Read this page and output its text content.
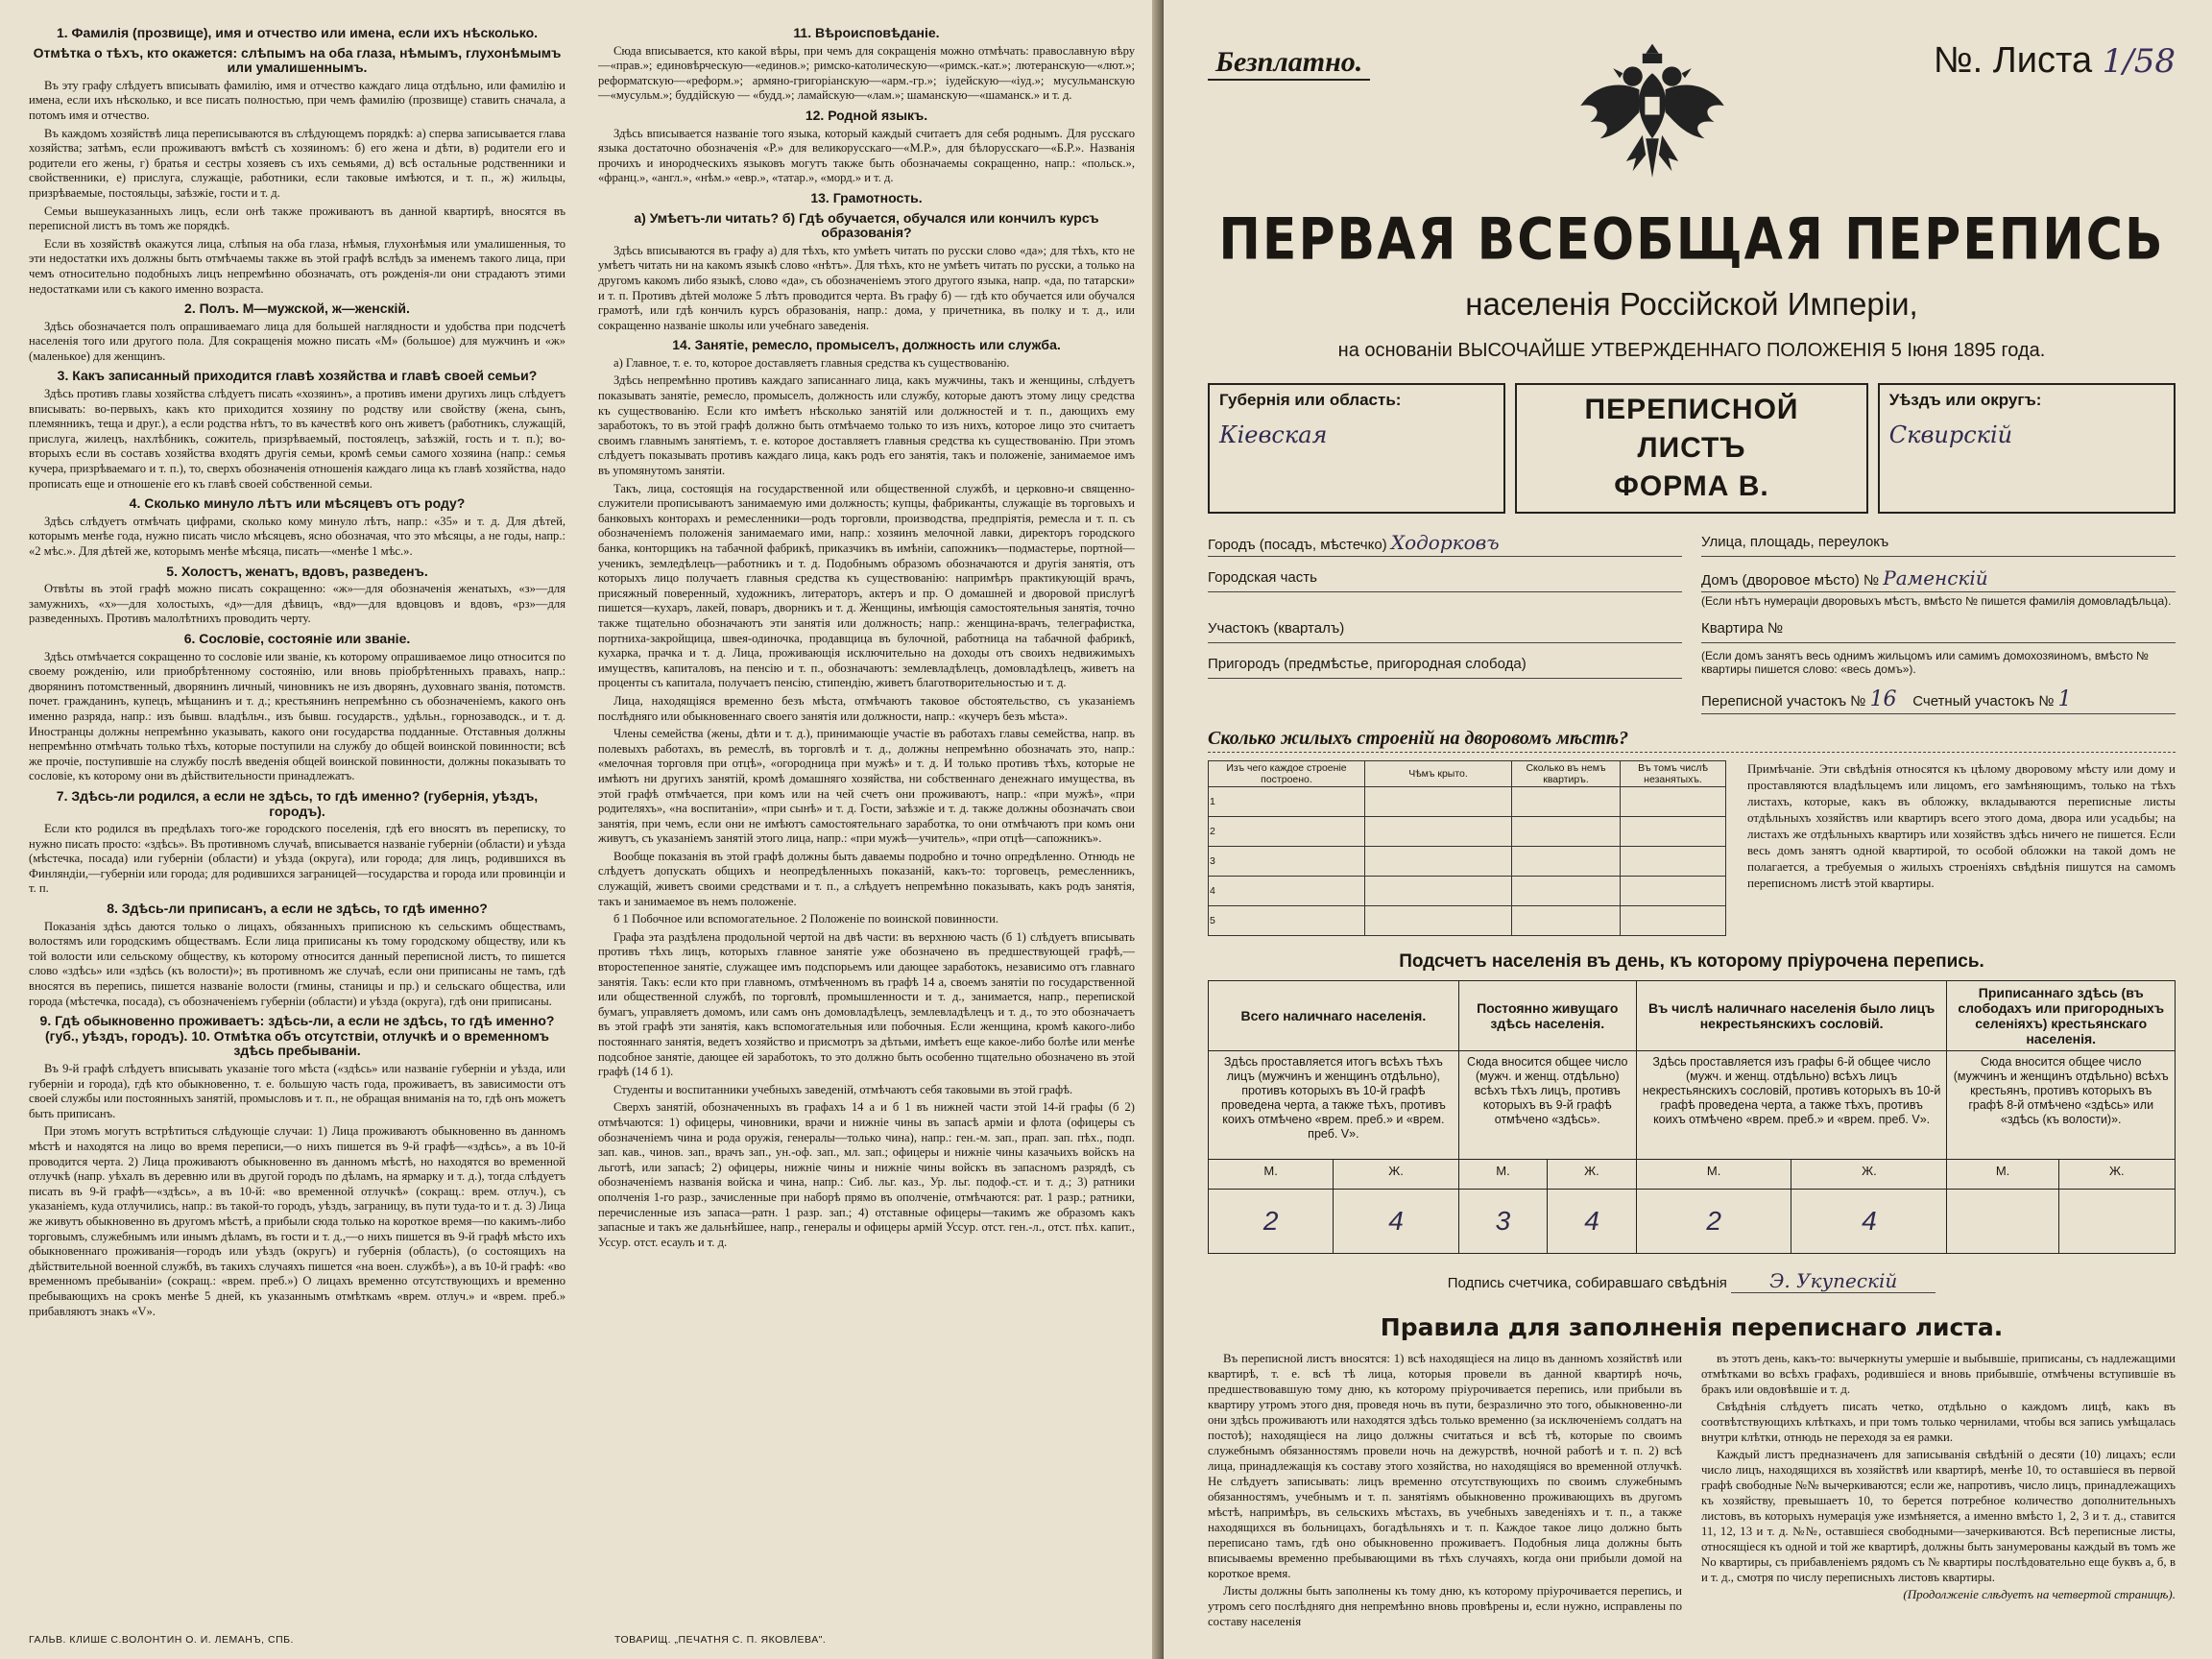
1. Фамилія (прозвище), имя и отчество или имена, если ихъ нѣсколько.
Отмѣтка о тѣхъ, кто окажется: слѣпымъ на оба глаза, нѣмымъ, глухонѣмымъ или умалишеннымъ.

Въ эту графу слѣдуетъ вписывать фамилію, имя и отчество каждаго лица отдѣльно, или фамилію и имена, если ихъ нѣсколько, и все писать полностью, при чемъ фамилію (прозвище) ставить сначала, а потомъ имя и отчество.

Въ каждомъ хозяйствѣ лица переписываются въ слѣдующемъ порядкѣ: а) сперва записывается глава хозяйства; затѣмъ, если проживаютъ вмѣстѣ съ хозяиномъ: б) его жена и дѣти, в) родители его и родители его жены, г) братья и сестры хозяевъ съ ихъ семьями, д) всѣ остальные родственники и свойственники, е) прислуга, служащіе, работники, если таковые имѣются, и т. п., ж) жильцы, призрѣваемые, постояльцы, заѣзжіе, гости и т. д.

Семьи вышеуказанныхъ лицъ, если онѣ также проживаютъ въ данной квартирѣ, вносятся въ переписной листъ въ томъ же порядкѣ.

Если въ хозяйствѣ окажутся лица, слѣпыя на оба глаза, нѣмыя, глухонѣмыя или умалишенныя, то эти недостатки ихъ должны быть отмѣчаемы также въ этой графѣ вслѣдъ за именемъ такого лица, при чемъ относительно подобныхъ лицъ непремѣнно обозначать, отъ рожденія-ли они страдаютъ этими недостатками или съ какого именно возраста.

2. Полъ. М—мужской, ж—женскій.

Здѣсь обозначается полъ опрашиваемаго лица для большей наглядности и удобства при подсчетѣ населенія того или другого пола. Для сокращенія можно писать «М» (большое) для мужчинъ и «ж» (маленькое) для женщинъ.

3. Какъ записанный приходится главѣ хозяйства и главѣ своей семьи?

Здѣсь противъ главы хозяйства слѣдуетъ писать «хозяинъ», а противъ имени другихъ лицъ слѣдуетъ вписывать: во-первыхъ, какъ кто приходится хозяину по родству или свойству (жена, сынъ, племянникъ, теща и друг.), а если родства нѣтъ, то въ качествѣ кого онъ живетъ (работникъ, служащій, прислуга, жилецъ, нахлѣбникъ, сожитель, призрѣваемый, постоялецъ, заѣзжій, гость и т. п.); во-вторыхъ если въ составъ хозяйства входятъ другія семьи, кромѣ семьи самого хозяина (напр.: семья кучера, призрѣваемаго и т. п.), то, сверхъ обозначенія отношенія каждаго лица къ главѣ хозяйства, надо прописать еще и отношеніе его къ главѣ своей собственной семьи.

4. Сколько минуло лѣтъ или мѣсяцевъ отъ роду?

Здѣсь слѣдуетъ отмѣчать цифрами, сколько кому минуло лѣтъ, напр.: «35» и т. д. Для дѣтей, которымъ менѣе года, нужно писать число мѣсяцевъ, ясно обозначая, что это мѣсяцы, а не годы, напр.: «2 мѣс.». Для дѣтей же, которымъ менѣе мѣсяца, писать—«менѣе 1 мѣс.».

5. Холостъ, женатъ, вдовъ, разведенъ.

Отвѣты въ этой графѣ можно писать сокращенно: «ж»—для обозначенія женатыхъ, «з»—для замужнихъ, «х»—для холостыхъ, «д»—для дѣвицъ, «вд»—для вдовцовъ и вдовъ, «рз»—для разведенныхъ. Противъ малолѣтнихъ проводить черту.

6. Сословіе, состояніе или званіе.

Здѣсь отмѣчается сокращенно то сословіе или званіе, къ которому опрашиваемое лицо относится по своему рожденію, или приобрѣтенному состоянію, или вновь пріобрѣтенныхъ правахъ, напр.: дворянинъ потомственный, дворянинъ личный, чиновникъ не изъ дворянъ, духовнаго званія, потомств. почет. гражданинъ, купецъ, мѣщанинъ и т. д.; крестьянинъ непремѣнно съ обозначеніемъ, какого онъ именно разряда, напр.: изъ бывш. владѣльч., изъ бывш. государств., удѣльн., горнозаводск., и т. д. Иностранцы должны непремѣнно указывать, какого они государства подданные. Отставныя должны непремѣнно отмѣчать только тѣхъ, которые поступили на службу до общей воинской повинности; всѣ же прочіе, поступившіе на службу послѣ введенія общей воинской повинности, должны показывать то сословіе, къ которому они въ дѣйствительности принадлежатъ.

7. Здѣсь-ли родился, а если не здѣсь, то гдѣ именно? (губернія, уѣздъ, городъ).

Если кто родился въ предѣлахъ того-же городского поселенія, гдѣ его вносятъ въ переписку, то нужно писать просто: «здѣсь». Въ противномъ случаѣ, вписывается названіе губерніи (области) и уѣзда (мѣстечка, посада) или губерніи (области) и уѣзда (округа), или города; для лицъ, родившихся въ Финляндіи,—губерніи или города; для родившихся заграницей—государства и города или провинціи и т. п.

8. Здѣсь-ли приписанъ, а если не здѣсь, то гдѣ именно?

Показанія здѣсь даются только о лицахъ, обязанныхъ приписною къ сельскимъ обществамъ, волостямъ или городскимъ обществамъ. Если лица приписаны къ тому городскому обществу, или къ той волости или сельскому обществу, къ которому относится данный переписной листъ, то пишется слово «здѣсь» или «здѣсь (къ волости)»; въ противномъ же случаѣ, если они приписаны не тамъ, гдѣ вносятся въ перепись, пишется названіе волости (гмины, станицы и пр.) и сельскаго общества, или города (мѣстечка, посада), съ обозначеніемъ губерніи (области) и уѣзда (округа), гдѣ они приписаны.

9. Гдѣ обыкновенно проживаетъ: здѣсь-ли, а если не здѣсь, то гдѣ именно? (губ., уѣздъ, городъ). 10. Отмѣтка объ отсутствіи, отлучкѣ и о временномъ здѣсь пребываніи.

Въ 9-й графѣ слѣдуетъ вписывать указаніе того мѣста («здѣсь» или названіе губерніи и уѣзда, или губерніи и города), гдѣ кто обыкновенно, т. е. большую часть года, проживаетъ, въ зависимости отъ своей службы или постоянныхъ занятій, промысловъ и т. п., не обращая вниманія на то, гдѣ онъ можетъ быть приписанъ.

При этомъ могутъ встрѣтиться слѣдующіе случаи: 1) Лица проживаютъ обыкновенно въ данномъ мѣстѣ и находятся на лицо во время переписи,—о нихъ пишется въ 9-й графѣ—«здѣсь», а въ 10-й проводится черта. 2) Лица проживаютъ обыкновенно въ данномъ мѣстѣ, но находятся во временной отлучкѣ (напр. уѣхалъ въ деревню или въ другой городъ по дѣламъ, на ярмарку и т. д.), тогда слѣдуетъ писать въ 9-й графѣ—«здѣсь», а въ 10-й: «во временной отлучкѣ» (сокращ.: врем. отлуч.), съ указаніемъ, куда отлучились, напр.: въ такой-то городъ, уѣздъ, заграницу, въ пути туда-то и т. д. 3) Лица же живутъ обыкновенно въ другомъ мѣстѣ, а прибыли сюда только на короткое время—по какимъ-либо торговымъ, служебнымъ или инымъ дѣламъ, въ гости и т. д.,—о нихъ пишется въ 9-й графѣ мѣсто ихъ обыкновеннаго проживанія—городъ или уѣздъ (округъ) и губернія (область), (о состоящихъ на дѣйствительной военной службѣ, въ такихъ случаяхъ пишется «на воен. службѣ»), а въ 10-й графѣ: «во временномъ пребываніи» (сокращ.: «врем. преб.») О лицахъ временно отсутствующихъ и временно пребывающихъ на срокъ менѣе 5 дней, къ указаннымъ отмѣткамъ «врем. отлуч.» и «врем. преб.» прибавляютъ знакъ «V».

11. Вѣроисповѣданіе.

Сюда вписывается, кто какой вѣры, при чемъ для сокращенія можно отмѣчать: православную вѣру—«прав.»; единовѣрческую—«единов.»; римско-католическую—«римск.-кат.»; лютеранскую—«лют.»; реформатскую—«реформ.»; армяно-григоріанскую—«арм.-гр.»; іудейскую—«іуд.»; мусульманскую—«мусульм.»; буддійскую — «будд.»; ламайскую—«лам.»; шаманскую—«шаманск.» и т. д.

12. Родной языкъ.

Здѣсь вписывается названіе того языка, который каждый считаетъ для себя роднымъ. Для русскаго языка достаточно обозначенія «Р.» для великорусскаго—«М.Р.», для бѣлорусскаго—«Б.Р.». Названія прочихъ и инородческихъ языковъ могутъ также быть обозначаемы сокращенно, напр.: «польск.», «франц.», «англ.», «нѣм.» «евр.», «татар.», «морд.» и т. д.

13. Грамотность.
а) Умѣетъ-ли читать? б) Гдѣ обучается, обучался или кончилъ курсъ образованія?

Здѣсь вписываются въ графу а) для тѣхъ, кто умѣетъ читать по русски слово «да»; для тѣхъ, кто не умѣетъ читать ни на какомъ языкѣ слово «нѣтъ». Для тѣхъ, кто не умѣетъ читать по русски, а только на другомъ какомъ либо языкѣ, слово «да», съ обозначеніемъ этого другого языка, напр. «да, по татарски» и т. п. Противъ дѣтей моложе 5 лѣтъ проводится черта. Въ графу б) — гдѣ кто обучается или обучался грамотѣ, или гдѣ кончилъ курсъ образованія, напр.: дома, у причетника, въ полку и т. д., или сокращенно названіе школы или учебнаго заведенія.

14. Занятіе, ремесло, промыселъ, должность или служба.

а) Главное, т. е. то, которое доставляетъ главныя средства къ существованію.

Здѣсь непремѣнно противъ каждаго записаннаго лица, какъ мужчины, такъ и женщины, слѣдуетъ показывать занятіе, ремесло, промыселъ, должность или службу, которые даютъ этому лицу средства къ существованію. Если кто имѣетъ нѣсколько занятій или должностей и т. п., дающихъ ему заработокъ, то въ этой графѣ должно быть отмѣчаемо только то изъ нихъ, которое лицо это считаетъ своимъ главнымъ занятіемъ, т. е. которое доставляетъ главныя средства къ существованію. При этомъ слѣдуетъ показывать противъ каждаго лица, какъ родъ его занятія, такъ и положеніе, занимаемое имъ въ упомянутомъ занятіи.

Такъ, лица, состоящія на государственной или общественной службѣ, и церковно-и священно-служители прописываютъ занимаемую ими должность; купцы, фабриканты, служащіе въ торговыхъ и банковыхъ конторахъ и ремесленники—родъ торговли, производства, предпріятія, ремесла и т. п. съ обозначеніемъ положенія занимаемаго ими, напр.: хозяинъ мелочной лавки, директоръ городского банка, конторщикъ на табачной фабрикѣ, приказчикъ въ имѣніи, сапожникъ—подмастерье, портной—ученикъ, земледѣлецъ—работникъ и т. д. Подобнымъ образомъ обозначаются и другія занятія, отъ которыхъ лицо получаетъ главныя средства къ существованію: напримѣръ практикующій врачъ, присяжный поверенный, художникъ, литераторъ, актеръ и пр. О домашней и дворовой прислугѣ пишется—кухаръ, лакей, поваръ, дворникъ и т. д. Женщины, имѣющія самостоятельныя занятія, точно также тщательно обозначаютъ эти занятія или должность; напр.: женщина-врачъ, телеграфистка, портниха-закройщица, швея-одиночка, продавщица въ булочной, работница на табачной фабрикѣ, кухарка, прачка и т. д. Лица, проживающія исключительно на доходы отъ своихъ недвижимыхъ имуществъ, капиталовъ, на пенсію и т. п., обозначаютъ: землевладѣлецъ, домовладѣлецъ, живетъ на проценты съ капитала, получаетъ пенсію, стипендію, живетъ благотворительностью и т. д.

Лица, находящіяся временно безъ мѣста, отмѣчаютъ таковое обстоятельство, съ указаніемъ послѣдняго или обыкновеннаго своего занятія или должности, напр.: «кучеръ безъ мѣста».

Члены семейства (жены, дѣти и т. д.), принимающіе участіе въ работахъ главы семейства, напр. въ полевыхъ работахъ, въ ремеслѣ, въ торговлѣ и т. д., должны непремѣнно обозначать это, напр.: «мелочная торговля при отцѣ», «огородница при мужѣ» и т. д. И только противъ тѣхъ, которые не имѣютъ ни другихъ занятій, кромѣ домашняго хозяйства, ни собственнаго денежнаго имущества, въ этой графѣ отмѣчается, при комъ или на чей счетъ они проживаютъ, напр.: «при мужѣ», «при родителяхъ», «на воспитаніи», «при сынѣ» и т. д. Гости, заѣзжіе и т. д. также должны обозначать свои занятія, при чемъ, если они не имѣютъ самостоятельнаго заработка, то они отмѣчаютъ при комъ они живутъ, съ указаніемъ занятій этого лица, напр.: «при мужѣ—учитель», «при отцѣ—сапожникъ».

Вообще показанія въ этой графѣ должны быть даваемы подробно и точно опредѣленно. Отнюдь не слѣдуетъ допускать общихъ и неопредѣленныхъ показаній, какъ-то: торговецъ, ремесленникъ, служащій, живетъ своими средствами и т. п., а слѣдуетъ непремѣнно показывать, какъ родъ занятія, такъ и занимаемое въ немъ положеніе.

б 1 Побочное или вспомогательное. 2 Положеніе по воинской повинности.

Графа эта раздѣлена продольной чертой на двѣ части: въ верхнюю часть (б 1) слѣдуетъ вписывать противъ тѣхъ лицъ, которыхъ главное занятіе уже обозначено въ предшествующей графѣ,—второстепенное занятіе, служащее имъ подспорьемъ или дающее заработокъ, независимо отъ главнаго занятія. Такъ: если кто при главномъ, отмѣченномъ въ графѣ 14 а, своемъ занятіи по государственной или общественной службѣ, по торговлѣ, промышленности и т. д., занимается, напр., перепиской бумагъ, управляетъ домомъ, или самъ онъ домовладѣлецъ, землевладѣлецъ и т. д., то это обозначаетъ въ этой графѣ эти занятія, какъ вспомогательныя или побочныя. Если женщина, кромѣ какого-либо постояннаго занятія, ведетъ хозяйство и присмотръ за дѣтьми, имѣетъ еще какое-либо болѣе или менѣе подсобное занятіе, дающее ей заработокъ, то это должно быть особенно тщательно обозначено въ этой графѣ (14 б 1).

Студенты и воспитанники учебныхъ заведеній, отмѣчаютъ себя таковыми въ этой графѣ.

Сверхъ занятій, обозначенныхъ въ графахъ 14 а и б 1 въ нижней части этой 14-й графы (б 2) отмѣчаются: 1) офицеры, чиновники, врачи и нижніе чины въ запасѣ арміи и флота (офицеры съ обозначеніемъ чина и рода оружія, генералы—только чина), напр.: ген.-м. зап., прап. зап. пѣх., подп. зап. кав., чинов. зап., врачъ зап., ун.-оф. зап., мл. зап.; офицеры и нижніе чины казачьихъ войскъ на льготѣ, или запасѣ; 2) офицеры, нижніе чины и нижніе чины войскъ въ запасномъ разрядѣ, съ обозначеніемъ названія войска и чина, напр.: Сиб. льг. каз., Ур. льг. подоф.-ст. и т. д.; 3) ратники ополченія 1-го разр., зачисленные при наборѣ прямо въ ополченіе, отмѣчаются: рат. 1 разр.; ратники, перечисленные изъ запаса—ратн. 1 разр. зап.; 4) отставные офицеры—такимъ же образомъ какъ запасные и такъ же дальнѣйшее, напр., генералы и офицеры армій Уссур. отст. ген.-л., отст. пѣх. капит., Уссур. отст. есаулъ и т. д.

ГАЛЬВ. КЛИШЕ С.ВОЛОНТИН О. И. ЛЕМАНЪ, СПБ.	ТОВАРИЩ. „ПЕЧАТНЯ С. П. ЯКОВЛЕВА".
Безплатно.	№. Листа 1/58
ПЕРВАЯ ВСЕОБЩАЯ ПЕРЕПИСЬ
населенія Россійской Имперіи,
на основаніи ВЫСОЧАЙШЕ УТВЕРЖДЕННАГО ПОЛОЖЕНІЯ 5 Іюня 1895 года.
Губернія или область:
Кіевская
ПЕРЕПИСНОЙ ЛИСТЪ
ФОРМА В.
Уѣздъ или округъ:
Сквирскій
Городъ (посадъ, мѣстечко) Ходорковъ	Улица, площадь, переулокъ
Городская часть	Домъ (дворовое мѣсто) № Раменскій
(Если нѣтъ нумераціи дворовыхъ мѣстъ, вмѣсто № пишется фамилія домовладѣльца).
Участокъ (кварталъ)	Квартира №
Пригородъ (предмѣстье, пригородная слобода)	(Если домъ занятъ весь однимъ жильцомъ или самимъ домохозяиномъ, вмѣсто № квартиры пишется слово: «весь домъ»).
Переписной участокъ № 16 Счетный участокъ № 1
Сколько жилыхъ строеній на дворовомъ мѣстѣ?
Изъ чего каждое строеніе построено.	Чѣмъ крыто.	Сколько въ немъ квартиръ.	Въ томъ числѣ незанятыхъ.
1			
2			
3			
4			
5			
Примѣчаніе. Эти свѣдѣнія относятся къ цѣлому дворовому мѣсту или дому и проставляются владѣльцемъ или лицомъ, его замѣняющимъ, только на тѣхъ листахъ, которые, какъ въ обложку, вкладываются переписные листы отдѣльныхъ хозяйствъ или квартиръ всего этого дома, двора или усадьбы; на листахъ же отдѣльныхъ квартиръ или хозяйствъ здѣсь ничего не пишется. Если весь домъ занятъ одной квартирой, то особой обложки на такой домъ не полагается, а требуемыя о жилыхъ строеніяхъ свѣдѣнія пишутся на самомъ переписномъ листѣ этой квартиры.
Подсчетъ населенія въ день, къ которому пріурочена перепись.
Всего наличнаго населенія.		Постоянно живущаго здѣсь населенія.		Въ числѣ наличнаго населенія было лицъ некрестьянскихъ сословій.		Приписаннаго здѣсь (въ слободахъ или пригородныхъ селеніяхъ) крестьянскаго населенія.	
Здѣсь проставляется итогъ всѣхъ тѣхъ лицъ (мужчинъ и женщинъ отдѣльно), противъ которыхъ въ 10-й графѣ проведена черта, а также тѣхъ, противъ коихъ отмѣчено «врем. преб.» и «врем. преб. V».		Сюда вносится общее число (мужч. и женщ. отдѣльно) всѣхъ тѣхъ лицъ, противъ которыхъ въ 9-й графѣ отмѣчено «здѣсь».		Здѣсь проставляется изъ графы 6-й общее число (мужч. и женщ. отдѣльно) всѣхъ лицъ некрестьянскихъ сословій, противъ которыхъ въ 10-й графѣ проведена черта, а также тѣхъ, противъ коихъ отмѣчено «врем. преб.» и «врем. преб. V».		Сюда вносится общее число (мужчинъ и женщинъ отдѣльно) всѣхъ крестьянъ, противъ которыхъ въ графѣ 8-й отмѣчено «здѣсь» или «здѣсь (къ волости)».	
М.	Ж.	М.	Ж.	М.	Ж.	М.	Ж.
2	4	3	4	2	4		
Подпись счетчика, собиравшаго свѣдѣнія Э. Укупескій
Правила для заполненія переписнаго листа.

Въ переписной листъ вносятся: 1) всѣ находящіеся на лицо въ данномъ хозяйствѣ или квартирѣ, т. е. всѣ тѣ лица, которыя провели въ данной квартирѣ ночь, предшествовавшую тому дню, къ которому пріурочивается перепись, или прибыли въ квартиру утромъ этого дня, проведя ночь въ пути, безразлично это того, обыкновенно-ли они здѣсь проживаютъ или находятся здѣсь только временно (за исключеніемъ солдатъ на постоѣ); находящіеся на лицо должны считаться и всѣ тѣ, которые по своимъ служебнымъ обязанностямъ провели ночь на дежурствѣ, ночной работѣ и т. п. 2) всѣ лица, принадлежащія къ составу этого хозяйства, но находящіяся во временной отлучкѣ. Не слѣдуетъ записывать: лицъ временно отсутствующихъ по своимъ служебнымъ обязанностямъ, учебнымъ и т. п. занятіямъ обыкновенно проживающихъ въ другомъ мѣстѣ, напримѣръ, въ сельскихъ мѣстахъ, въ учебныхъ заведеніяхъ и т. п., а также находящихся въ больницахъ, богадѣльняхъ и т. п. Каждое такое лицо должно быть переписано тамъ, гдѣ оно обыкновенно проживаетъ. Подобныя лица должны быть вписываемы временно пребывающими въ тѣхъ случаяхъ, когда они прибыли домой на короткое время.

Листы должны быть заполнены къ тому дню, къ которому пріурочивается перепись, и утромъ сего послѣдняго дня непремѣнно вновь провѣрены и, если нужно, исправлены по составу населенія

въ этотъ день, какъ-то: вычеркнуты умершіе и выбывшіе, приписаны, съ надлежащими отмѣтками во всѣхъ графахъ, родившіеся и вновь прибывшіе, отмѣчены вступившіе въ бракъ или овдовѣвшіе и т. д.

Свѣдѣнія слѣдуетъ писать четко, отдѣльно о каждомъ лицѣ, какъ въ соотвѣтствующихъ клѣткахъ, и при томъ только чернилами, чтобы вся запись умѣщалась внутри клѣтки, отнюдь не переходя за ея рамки.

Каждый листъ предназначенъ для записыванія свѣдѣній о десяти (10) лицахъ; если число лицъ, находящихся въ хозяйствѣ или квартирѣ, менѣе 10, то оставшіеся въ первой графѣ свободные №№ вычеркиваются; если же, напротивъ, число лицъ, принадлежащихъ къ хозяйству, превышаетъ 10, то берется потребное количество дополнительныхъ листовъ, въ которыхъ нумерація уже измѣняется, а именно вмѣсто 1, 2, 3 и т. д., ставится 11, 12, 13 и т. д. №№, оставшіеся свободными—зачеркиваются. Всѣ переписные листы, относящіеся къ одной и той же квартирѣ, должны быть занумерованы каждый въ томъ же No квартиры, съ прибавленіемъ рядомъ съ № квартиры послѣдовательно еще буквъ а, б, в и т. д., смотря по числу переписныхъ листовъ квартиры.

(Продолженіе слѣдуетъ на четвертой страницѣ).
